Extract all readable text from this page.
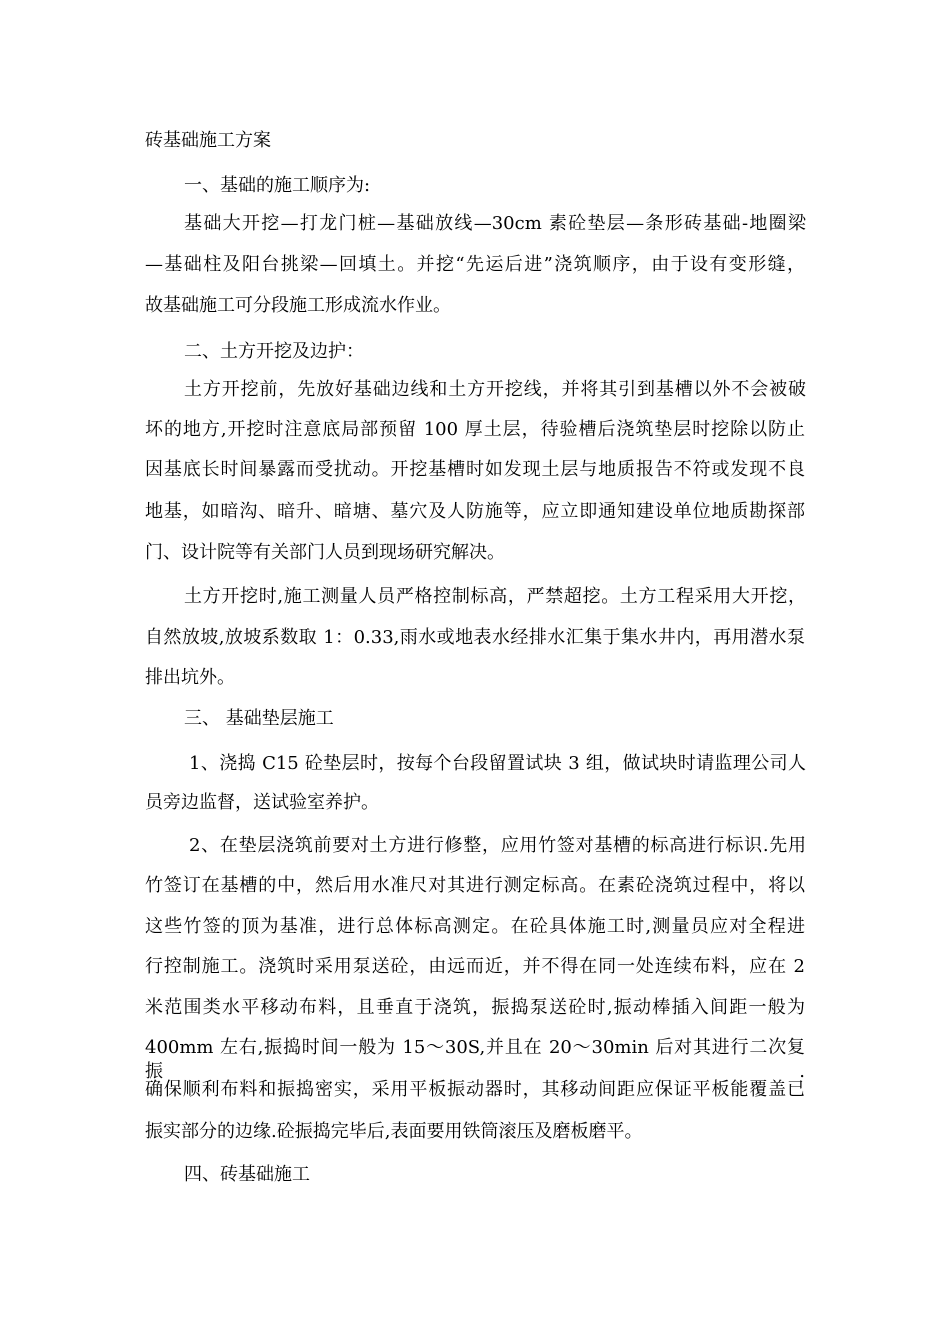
砖基础施工方案
一、基础的施工顺序为:
基础大开挖—打龙门桩—基础放线—30cm 素砼垫层—条形砖基础-地圈梁
—基础柱及阳台挑梁—回填土。并挖“先运后进”浇筑顺序，由于设有变形缝，
故基础施工可分段施工形成流水作业。
二、土方开挖及边护：
土方开挖前，先放好基础边线和土方开挖线，并将其引到基槽以外不会被破
坏的地方,开挖时注意底局部预留 100 厚土层，待验槽后浇筑垫层时挖除以防止
因基底长时间暴露而受扰动。开挖基槽时如发现土层与地质报告不符或发现不良
地基，如暗沟、暗升、暗塘、墓穴及人防施等，应立即通知建设单位地质勘探部
门、设计院等有关部门人员到现场研究解决。
土方开挖时,施工测量人员严格控制标高，严禁超挖。土方工程采用大开挖，
自然放坡,放坡系数取 1：0.33,雨水或地表水经排水汇集于集水井内，再用潜水泵
排出坑外。
三、 基础垫层施工
1、浇捣 C15 砼垫层时，按每个台段留置试块 3 组，做试块时请监理公司人
员旁边监督，送试验室养护。
2、在垫层浇筑前要对土方进行修整，应用竹签对基槽的标高进行标识.先用
竹签订在基槽的中，然后用水准尺对其进行测定标高。在素砼浇筑过程中，将以
这些竹签的顶为基准，进行总体标高测定。在砼具体施工时,测量员应对全程进
行控制施工。浇筑时采用泵送砼，由远而近，并不得在同一处连续布料，应在 2
米范围类水平移动布料，且垂直于浇筑，振捣泵送砼时,振动棒插入间距一般为
400mm 左右,振捣时间一般为 15～30S,并且在 20～30min 后对其进行二次复振.
确保顺利布料和振捣密实，采用平板振动器时，其移动间距应保证平板能覆盖已
振实部分的边缘.砼振捣完毕后,表面要用铁筒滚压及磨板磨平。
四、砖基础施工
